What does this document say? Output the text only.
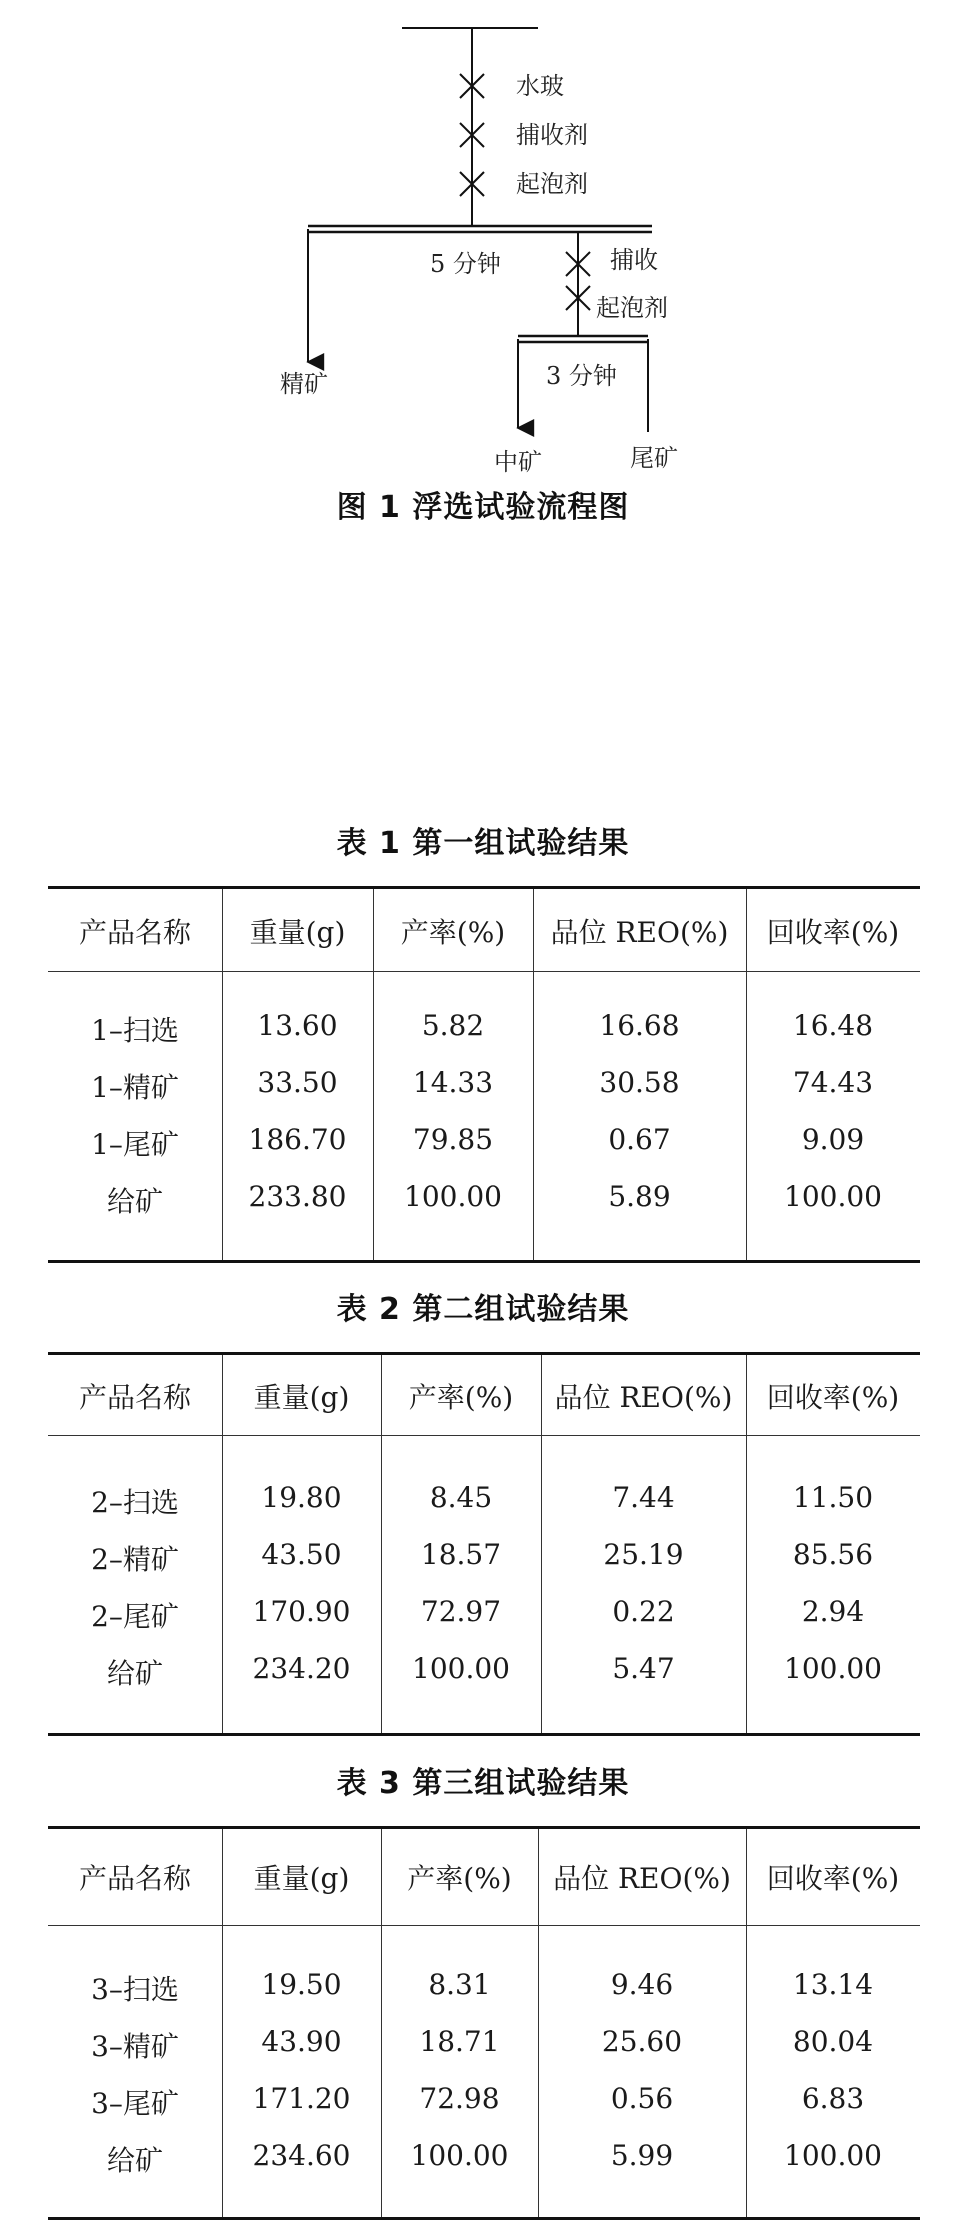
水玻
捕收剂
起泡剂
5 分钟
精矿
捕收
起泡剂
3 分钟
中矿	尾矿
图 1 浮选试验流程图
表 1 第一组试验结果
产品名称	重量(g)	产率(%)	品位 REO(%)	回收率(%)
1–扫选	13.60	5.82	16.68	16.48
1–精矿	33.50	14.33	30.58	74.43
1–尾矿	186.70	79.85	0.67	9.09
给矿	233.80	100.00	5.89	100.00
表 2 第二组试验结果
产品名称	重量(g)	产率(%)	品位 REO(%)	回收率(%)
2–扫选	19.80	8.45	7.44	11.50
2–精矿	43.50	18.57	25.19	85.56
2–尾矿	170.90	72.97	0.22	2.94
给矿	234.20	100.00	5.47	100.00
表 3 第三组试验结果
产品名称	重量(g)	产率(%)	品位 REO(%)	回收率(%)
3–扫选	19.50	8.31	9.46	13.14
3–精矿	43.90	18.71	25.60	80.04
3–尾矿	171.20	72.98	0.56	6.83
给矿	234.60	100.00	5.99	100.00
